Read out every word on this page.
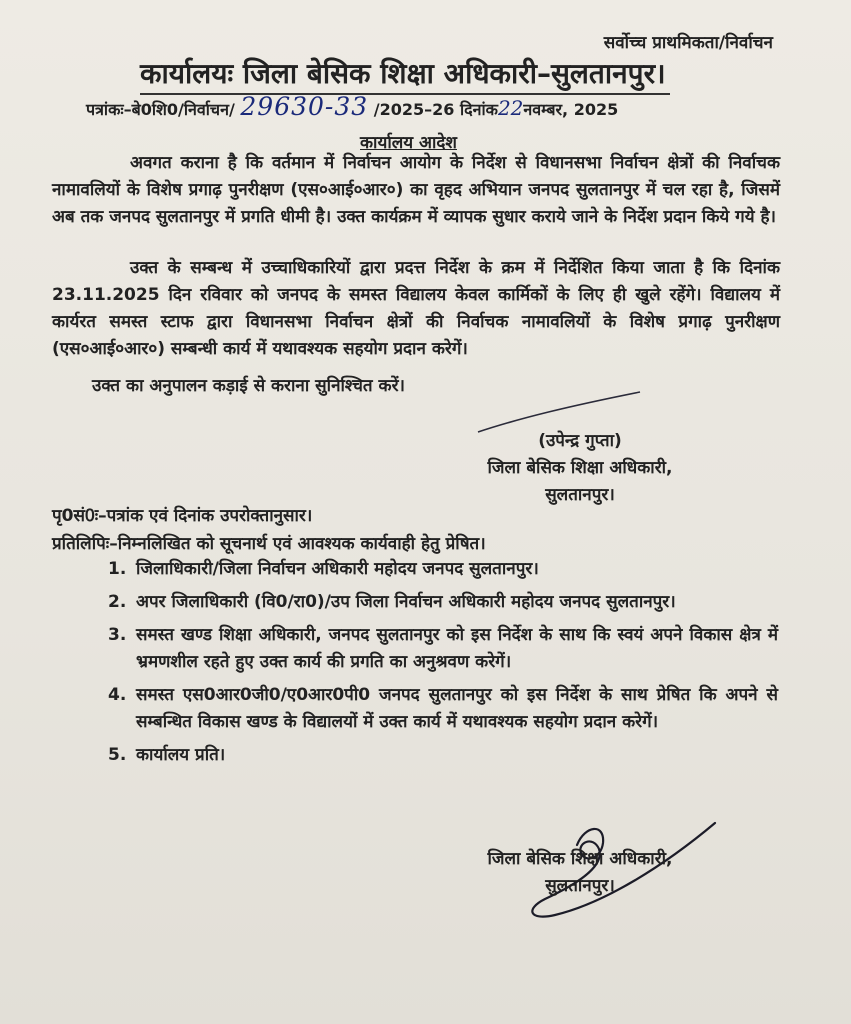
सर्वोच्च प्राथमिकता/निर्वाचन
कार्यालयः जिला बेसिक शिक्षा अधिकारी–सुलतानपुर।
पत्रांकः–बे0शि0/निर्वाचन/ 29630-33 /2025–26 दिनांक22नवम्बर, 2025
कार्यालय आदेश

अवगत कराना है कि वर्तमान में निर्वाचन आयोग के निर्देश से विधानसभा निर्वाचन क्षेत्रों की निर्वाचक नामावलियों के विशेष प्रगाढ़ पुनरीक्षण (एस०आई०आर०) का वृहद अभियान जनपद सुलतानपुर में चल रहा है, जिसमें अब तक जनपद सुलतानपुर में प्रगति धीमी है। उक्त कार्यक्रम में व्यापक सुधार कराये जाने के निर्देश प्रदान किये गये है।

उक्त के सम्बन्ध में उच्चाधिकारियों द्वारा प्रदत्त निर्देश के क्रम में निर्देशित किया जाता है कि दिनांक 23.11.2025 दिन रविवार को जनपद के समस्त विद्यालय केवल कार्मिकों के लिए ही खुले रहेंगे। विद्यालय में कार्यरत समस्त स्टाफ द्वारा विधानसभा निर्वाचन क्षेत्रों की निर्वाचक नामावलियों के विशेष प्रगाढ़ पुनरीक्षण (एस०आई०आर०) सम्बन्धी कार्य में यथावश्यक सहयोग प्रदान करेगें।

उक्त का अनुपालन कड़ाई से कराना सुनिश्चित करें।

(उपेन्द्र गुप्ता)
जिला बेसिक शिक्षा अधिकारी,
सुलतानपुर।
पृ0सं0ः–पत्रांक एवं दिनांक उपरोक्तानुसार।
प्रतिलिपिः–निम्नलिखित को सूचनार्थ एवं आवश्यक कार्यवाही हेतु प्रेषित।
1. जिलाधिकारी/जिला निर्वाचन अधिकारी महोदय जनपद सुलतानपुर।
2. अपर जिलाधिकारी (वि0/रा0)/उप जिला निर्वाचन अधिकारी महोदय जनपद सुलतानपुर।
3. समस्त खण्ड शिक्षा अधिकारी, जनपद सुलतानपुर को इस निर्देश के साथ कि स्वयं अपने विकास क्षेत्र में भ्रमणशील रहते हुए उक्त कार्य की प्रगति का अनुश्रवण करेगें।
4. समस्त एस0आर0जी0/ए0आर0पी0 जनपद सुलतानपुर को इस निर्देश के साथ प्रेषित कि अपने से सम्बन्धित विकास खण्ड के विद्यालयों में उक्त कार्य में यथावश्यक सहयोग प्रदान करेगें।
5. कार्यालय प्रति।
जिला बेसिक शिक्षा अधिकारी,
सुलतानपुर।
